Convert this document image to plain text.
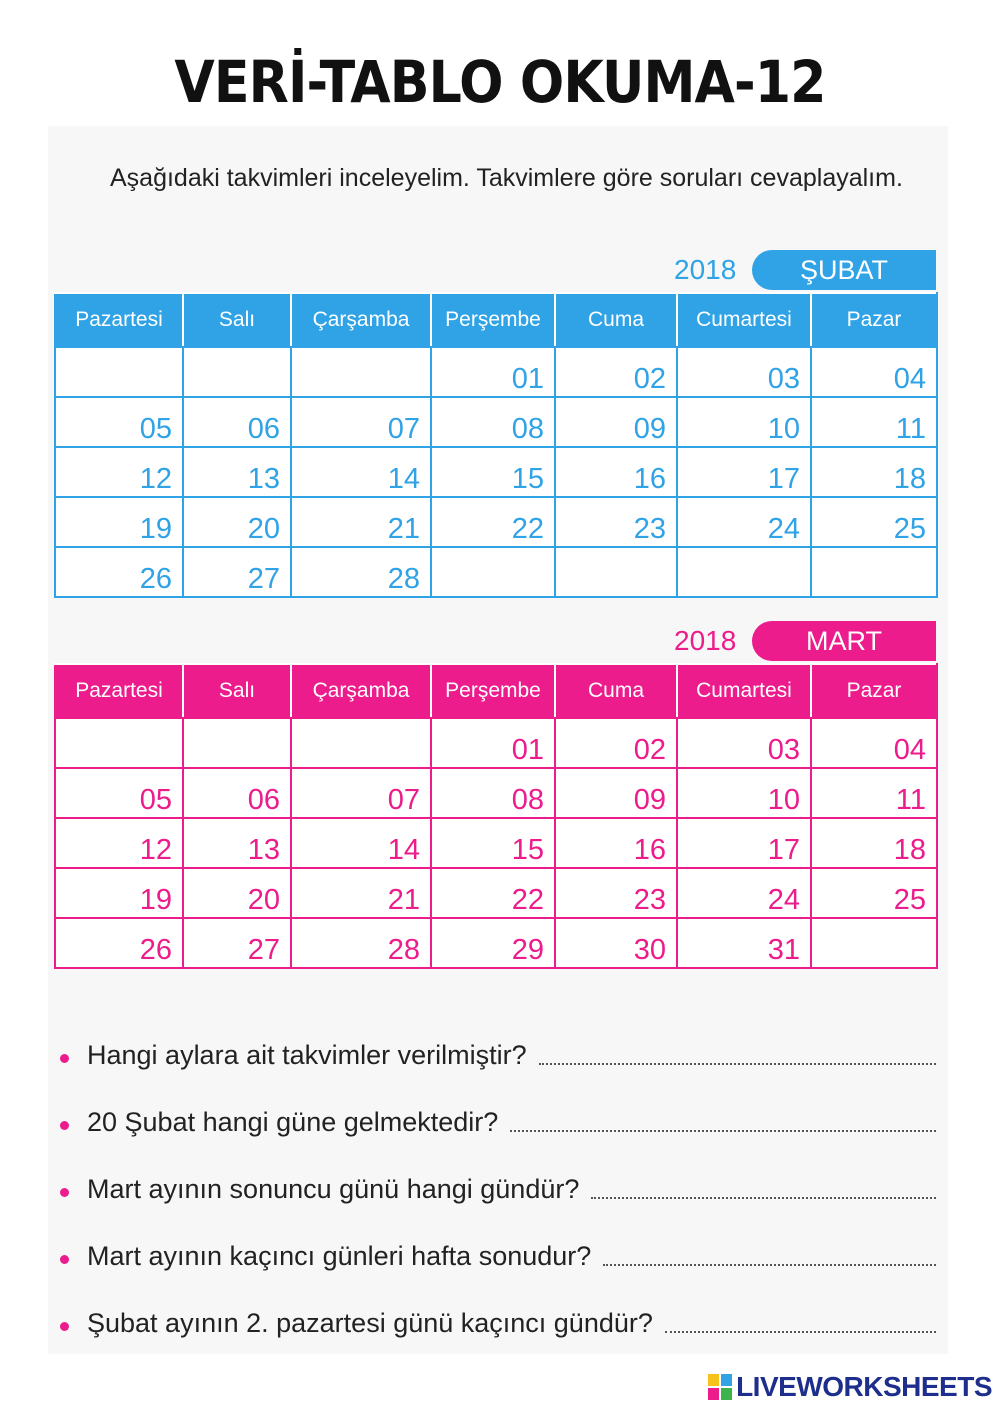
VERİ-TABLO OKUMA-12
Aşağıdaki takvimleri inceleyelim. Takvimlere göre soruları cevaplayalım.
2018	ŞUBAT
Pazartesi	Salı	Çarşamba	Perşembe	Cuma	Cumartesi	Pazar
			01	02	03	04
05	06	07	08	09	10	11
12	13	14	15	16	17	18
19	20	21	22	23	24	25
26	27	28				
2018	MART
Pazartesi	Salı	Çarşamba	Perşembe	Cuma	Cumartesi	Pazar
			01	02	03	04
05	06	07	08	09	10	11
12	13	14	15	16	17	18
19	20	21	22	23	24	25
26	27	28	29	30	31	
Hangi aylara ait takvimler verilmiştir?
20 Şubat hangi güne gelmektedir?
Mart ayının sonuncu günü hangi gündür?
Mart ayının kaçıncı günleri hafta sonudur?
Şubat ayının 2. pazartesi günü kaçıncı gündür?
LIVEWORKSHEETS
